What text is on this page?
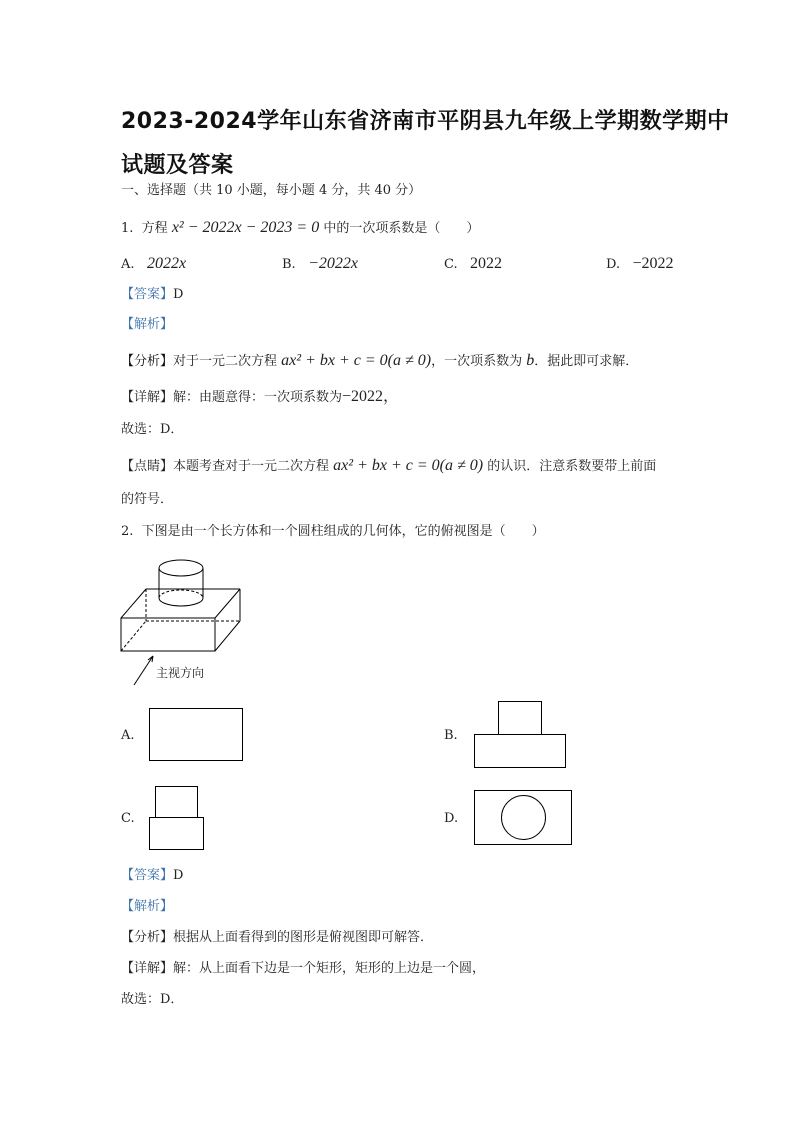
2023-2024学年山东省济南市平阴县九年级上学期数学期中
试题及答案
一、选择题（共 10 小题，每小题 4 分，共 40 分）
1. 方程 x² − 2022x − 2023 = 0 中的一次项系数是（　　）
A. 2022x	B. −2022x	C. 2022	D. −2022
【答案】D
【解析】
【分析】对于一元二次方程 ax² + bx + c = 0(a ≠ 0)，一次项系数为 b．据此即可求解．
【详解】解：由题意得：一次项系数为−2022，
故选：D．
【点睛】本题考查对于一元二次方程 ax² + bx + c = 0(a ≠ 0) 的认识．注意系数要带上前面
的符号．
2. 下图是由一个长方体和一个圆柱组成的几何体，它的俯视图是（　　）
主视方向
A.	B.
C.	D.
【答案】D
【解析】
【分析】根据从上面看得到的图形是俯视图即可解答．
【详解】解：从上面看下边是一个矩形，矩形的上边是一个圆，
故选：D．
